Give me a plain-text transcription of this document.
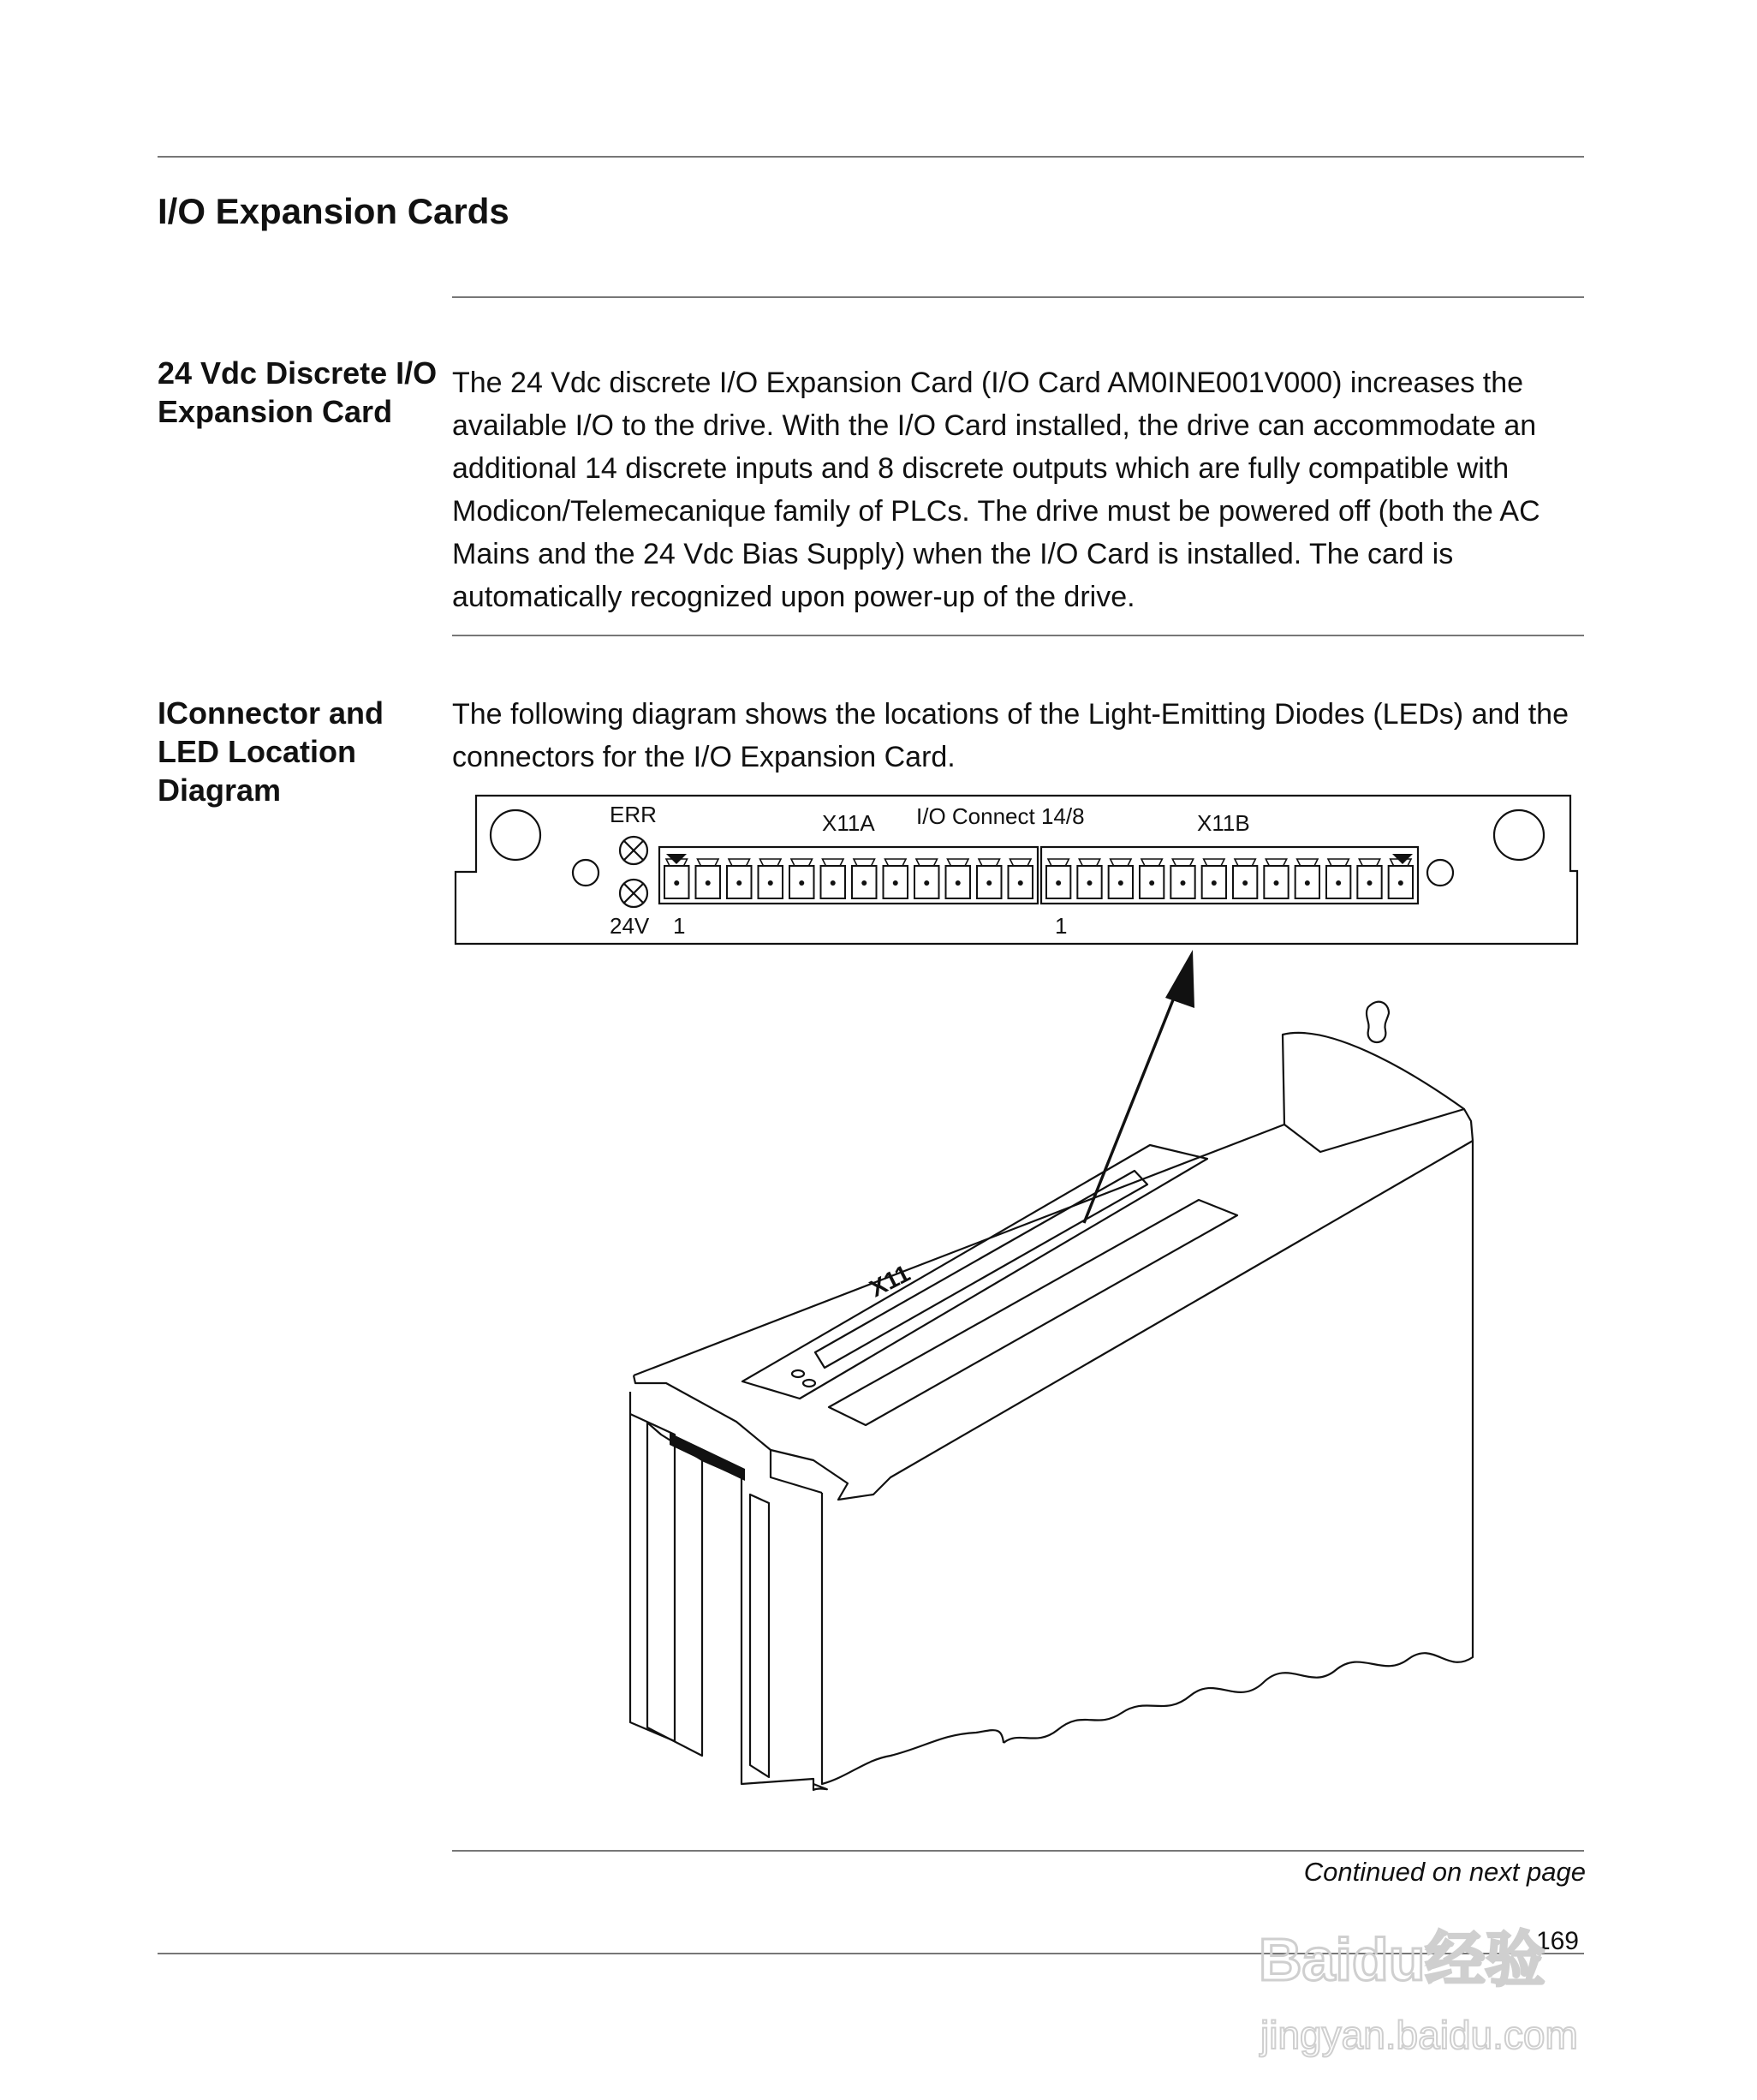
I/O Expansion Cards
24 Vdc Discrete I/O Expansion Card

The 24 Vdc discrete I/O Expansion Card (I/O Card AM0INE001V000) increases the available I/O to the drive. With the I/O Card installed, the drive can accommodate an additional 14 discrete inputs and 8 discrete outputs which are fully compatible with Modicon/Telemecanique family of PLCs. The drive must be powered off (both the AC Mains and the 24 Vdc Bias Supply) when the I/O Card is installed. The card is automatically recognized upon power-up of the drive.

IConnector and LED Location Diagram

The following diagram shows the locations of the Light-Emitting Diodes (LEDs) and the connectors for the I/O Expansion Card.

ERR
24V
X11A I/O Connect 14/8	X11B
1	1
X11
Continued on next page
169
Baidu经验
jingyan.baidu.com
